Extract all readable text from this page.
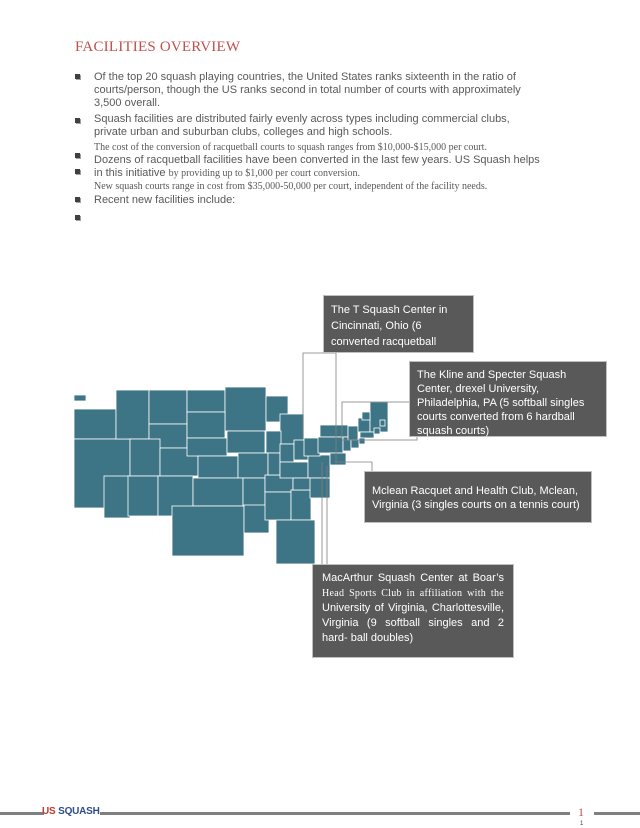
FACILITIES OVERVIEW
Of the top 20 squash playing countries, the United States ranks sixteenth in the ratio of
courts/person, though the US ranks second in total number of courts with approximately
3,500 overall.
Squash facilities are distributed fairly evenly across types including commercial clubs,
private urban and suburban clubs, colleges and high schools.
The cost of the conversion of racquetball courts to squash ranges from $10,000-$15,000 per court.
Dozens of racquetball facilities have been converted in the last few years. US Squash helps
in this initiative by providing up to $1,000 per court conversion.
New squash courts range in cost from $35,000-50,000 per court, independent of the facility needs.
Recent new facilities include:
The T Squash Center in Cincinnati, Ohio (6 converted racquetball
The Kline and Specter Squash Center, drexel University, Philadelphia, PA (5 softball singles courts converted from 6 hardball squash courts)
Mclean Racquet and Health Club, Mclean, Virginia (3 singles courts on a tennis court)
MacArthur Squash Center at Boar’s Head Sports Club in affiliation with the University of Virginia, Charlottesville, Virginia (9 softball singles and 2 hard- ball doubles)
US SQUASH	1
1
